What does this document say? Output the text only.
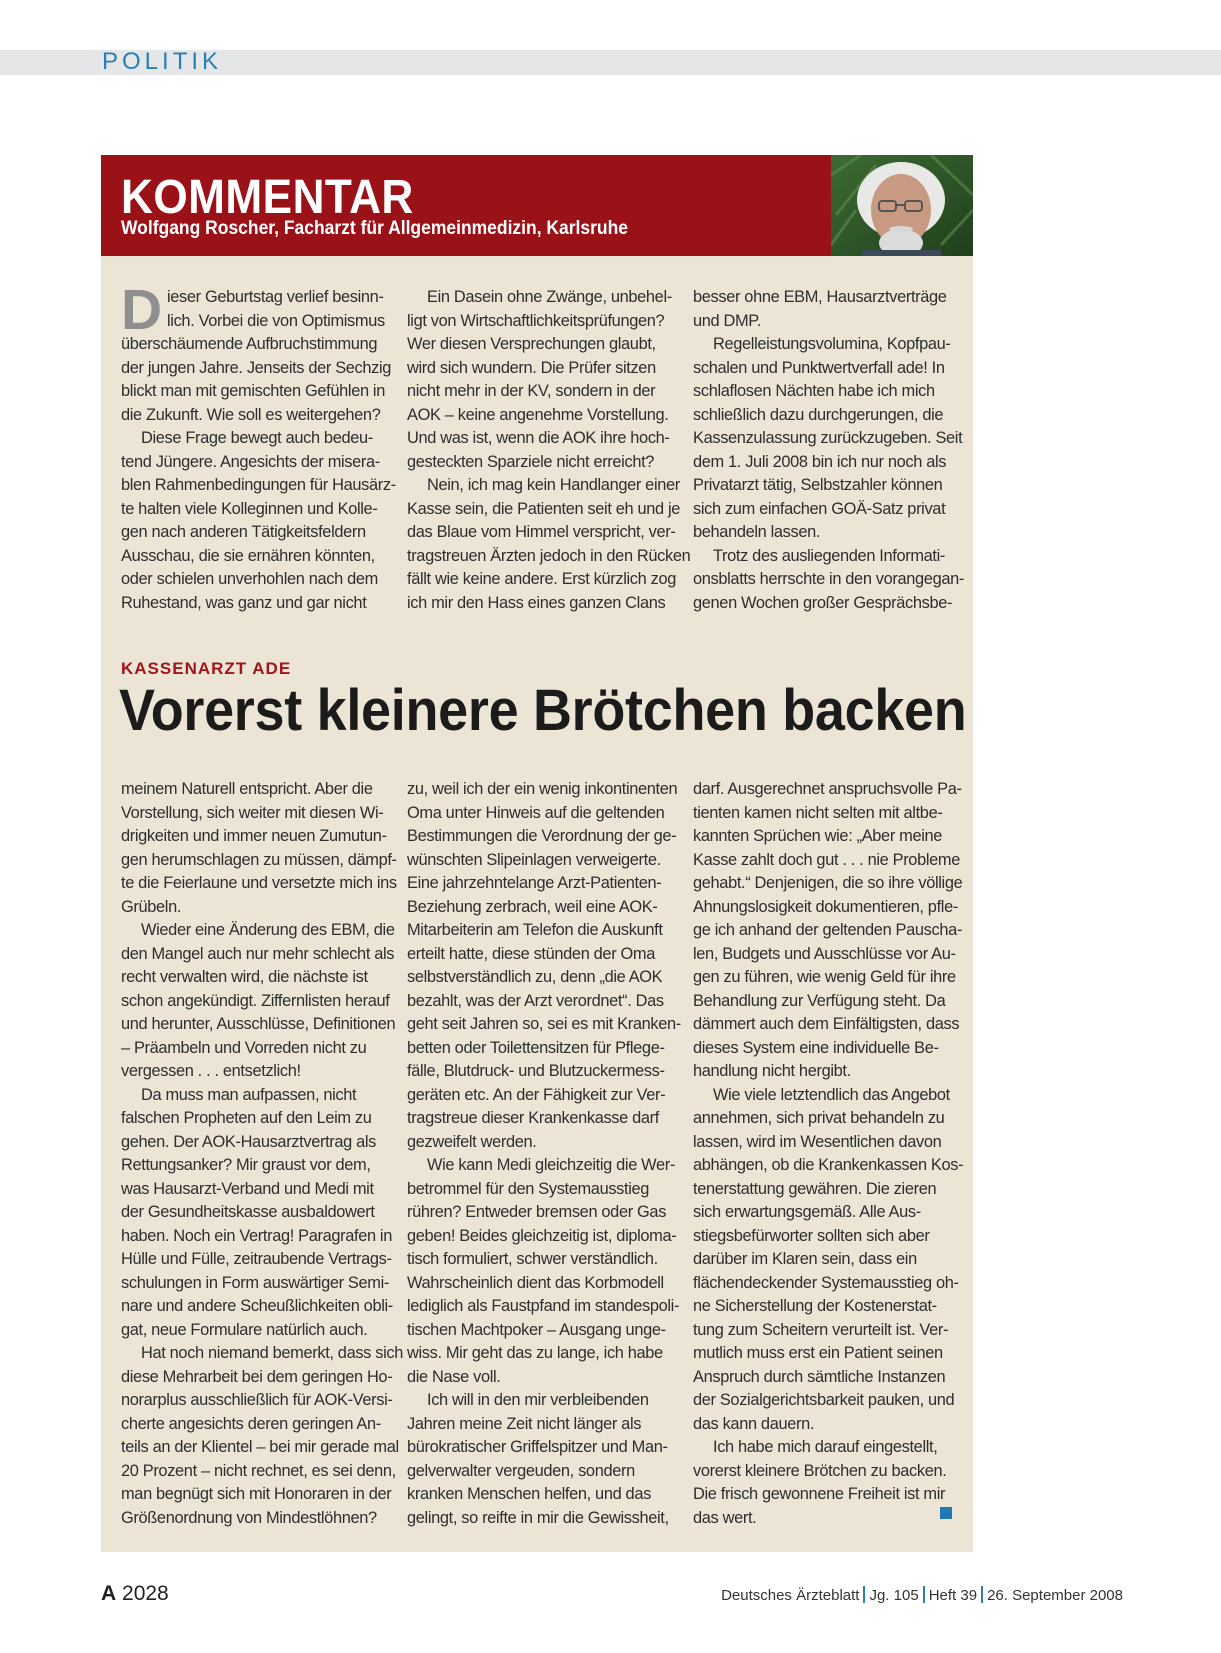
POLITIK
KOMMENTAR
Wolfgang Roscher, Facharzt für Allgemeinmedizin, Karlsruhe
D ieser Geburtstag verlief besinn-
lich. Vorbei die von Optimismus
überschäumende Aufbruchstimmung
der jungen Jahre. Jenseits der Sechzig
blickt man mit gemischten Gefühlen in
die Zukunft. Wie soll es weitergehen?
Diese Frage bewegt auch bedeu-
tend Jüngere. Angesichts der misera-
blen Rahmenbedingungen für Hausärz-
te halten viele Kolleginnen und Kolle-
gen nach anderen Tätigkeitsfeldern
Ausschau, die sie ernähren könnten,
oder schielen unverhohlen nach dem
Ruhestand, was ganz und gar nicht
Ein Dasein ohne Zwänge, unbehel-
ligt von Wirtschaftlichkeitsprüfungen?
Wer diesen Versprechungen glaubt,
wird sich wundern. Die Prüfer sitzen
nicht mehr in der KV, sondern in der
AOK – keine angenehme Vorstellung.
Und was ist, wenn die AOK ihre hoch-
gesteckten Sparziele nicht erreicht?
Nein, ich mag kein Handlanger einer
Kasse sein, die Patienten seit eh und je
das Blaue vom Himmel verspricht, ver-
tragstreuen Ärzten jedoch in den Rücken
fällt wie keine andere. Erst kürzlich zog
ich mir den Hass eines ganzen Clans
besser ohne EBM, Hausarztverträge
und DMP.
Regelleistungsvolumina, Kopfpau-
schalen und Punktwertverfall ade! In
schlaflosen Nächten habe ich mich
schließlich dazu durchgerungen, die
Kassenzulassung zurückzugeben. Seit
dem 1. Juli 2008 bin ich nur noch als
Privatarzt tätig, Selbstzahler können
sich zum einfachen GOÄ-Satz privat
behandeln lassen.
Trotz des ausliegenden Informati-
onsblatts herrschte in den vorangegan-
genen Wochen großer Gesprächsbe-
KASSENARZT ADE
Vorerst kleinere Brötchen backen
meinem Naturell entspricht. Aber die
Vorstellung, sich weiter mit diesen Wi-
drigkeiten und immer neuen Zumutun-
gen herumschlagen zu müssen, dämpf-
te die Feierlaune und versetzte mich ins
Grübeln.
Wieder eine Änderung des EBM, die
den Mangel auch nur mehr schlecht als
recht verwalten wird, die nächste ist
schon angekündigt. Ziffernlisten herauf
und herunter, Ausschlüsse, Definitionen
– Präambeln und Vorreden nicht zu
vergessen . . . entsetzlich!
Da muss man aufpassen, nicht
falschen Propheten auf den Leim zu
gehen. Der AOK-Hausarztvertrag als
Rettungsanker? Mir graust vor dem,
was Hausarzt-Verband und Medi mit
der Gesundheitskasse ausbaldowert
haben. Noch ein Vertrag! Paragrafen in
Hülle und Fülle, zeitraubende Vertrags-
schulungen in Form auswärtiger Semi-
nare und andere Scheußlichkeiten obli-
gat, neue Formulare natürlich auch.
Hat noch niemand bemerkt, dass sich
diese Mehrarbeit bei dem geringen Ho-
norarplus ausschließlich für AOK-Versi-
cherte angesichts deren geringen An-
teils an der Klientel – bei mir gerade mal
20 Prozent – nicht rechnet, es sei denn,
man begnügt sich mit Honoraren in der
Größenordnung von Mindestlöhnen?
zu, weil ich der ein wenig inkontinenten
Oma unter Hinweis auf die geltenden
Bestimmungen die Verordnung der ge-
wünschten Slipeinlagen verweigerte.
Eine jahrzehntelange Arzt-Patienten-
Beziehung zerbrach, weil eine AOK-
Mitarbeiterin am Telefon die Auskunft
erteilt hatte, diese stünden der Oma
selbstverständlich zu, denn „die AOK
bezahlt, was der Arzt verordnet“. Das
geht seit Jahren so, sei es mit Kranken-
betten oder Toilettensitzen für Pflege-
fälle, Blutdruck- und Blutzuckermess-
geräten etc. An der Fähigkeit zur Ver-
tragstreue dieser Krankenkasse darf
gezweifelt werden.
Wie kann Medi gleichzeitig die Wer-
betrommel für den Systemausstieg
rühren? Entweder bremsen oder Gas
geben! Beides gleichzeitig ist, diploma-
tisch formuliert, schwer verständlich.
Wahrscheinlich dient das Korbmodell
lediglich als Faustpfand im standespoli-
tischen Machtpoker – Ausgang unge-
wiss. Mir geht das zu lange, ich habe
die Nase voll.
Ich will in den mir verbleibenden
Jahren meine Zeit nicht länger als
bürokratischer Griffelspitzer und Man-
gelverwalter vergeuden, sondern
kranken Menschen helfen, und das
gelingt, so reifte in mir die Gewissheit,
darf. Ausgerechnet anspruchsvolle Pa-
tienten kamen nicht selten mit altbe-
kannten Sprüchen wie: „Aber meine
Kasse zahlt doch gut . . . nie Probleme
gehabt.“ Denjenigen, die so ihre völlige
Ahnungslosigkeit dokumentieren, pfle-
ge ich anhand der geltenden Pauscha-
len, Budgets und Ausschlüsse vor Au-
gen zu führen, wie wenig Geld für ihre
Behandlung zur Verfügung steht. Da
dämmert auch dem Einfältigsten, dass
dieses System eine individuelle Be-
handlung nicht hergibt.
Wie viele letztendlich das Angebot
annehmen, sich privat behandeln zu
lassen, wird im Wesentlichen davon
abhängen, ob die Krankenkassen Kos-
tenerstattung gewähren. Die zieren
sich erwartungsgemäß. Alle Aus-
stiegsbefürworter sollten sich aber
darüber im Klaren sein, dass ein
flächendeckender Systemausstieg oh-
ne Sicherstellung der Kostenerstat-
tung zum Scheitern verurteilt ist. Ver-
mutlich muss erst ein Patient seinen
Anspruch durch sämtliche Instanzen
der Sozialgerichtsbarkeit pauken, und
das kann dauern.
Ich habe mich darauf eingestellt,
vorerst kleinere Brötchen zu backen.
Die frisch gewonnene Freiheit ist mir
das wert.
A 2028	Deutsches Ärzteblatt Jg. 105 Heft 39 26. September 2008
